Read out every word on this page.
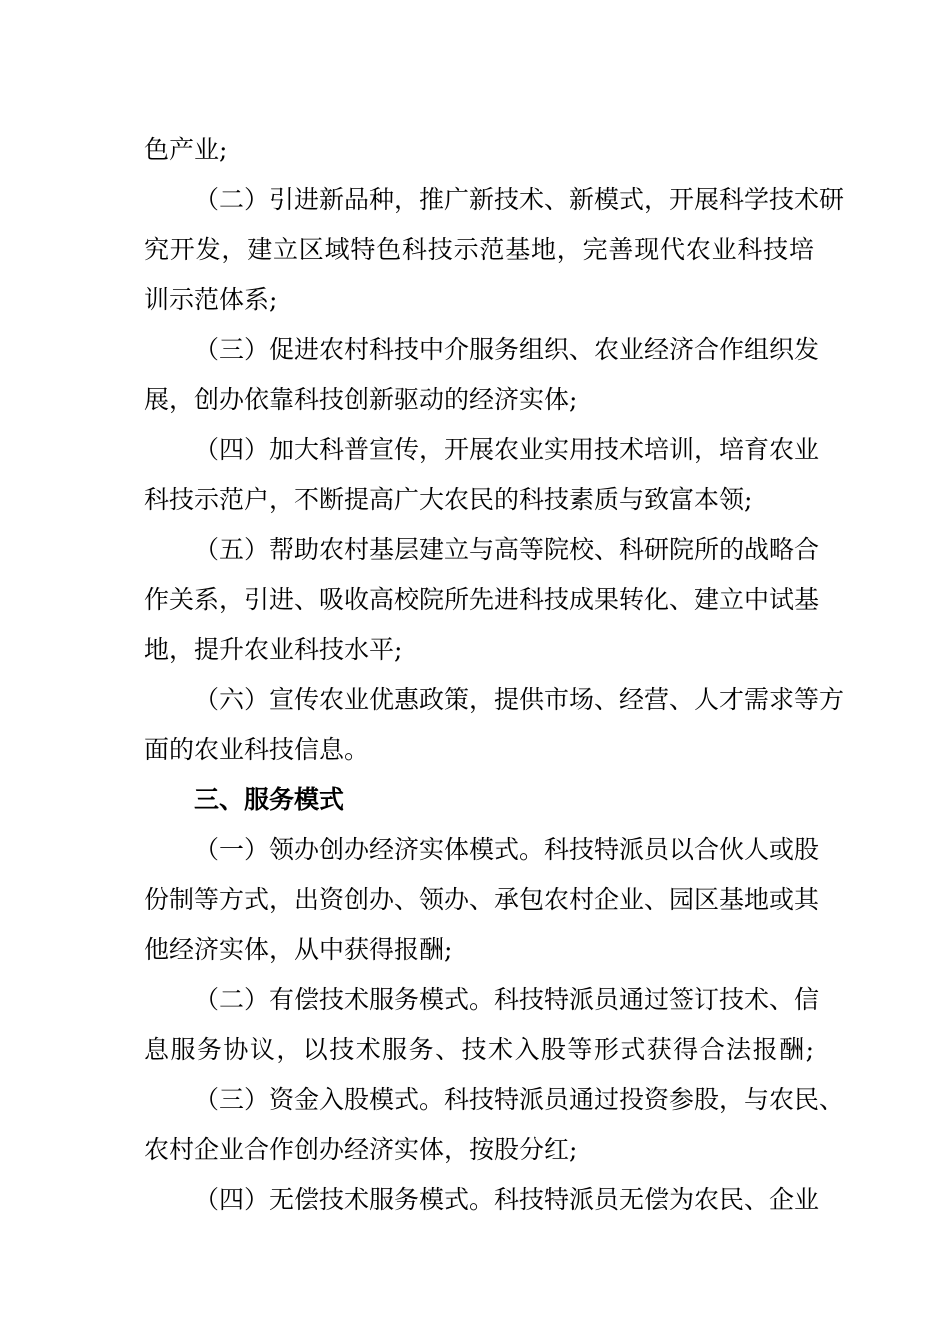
色产业;
（二）引进新品种，推广新技术、新模式，开展科学技术研
究开发，建立区域特色科技示范基地，完善现代农业科技培
训示范体系;
（三）促进农村科技中介服务组织、农业经济合作组织发
展，创办依靠科技创新驱动的经济实体;
（四）加大科普宣传，开展农业实用技术培训，培育农业
科技示范户，不断提高广大农民的科技素质与致富本领;
（五）帮助农村基层建立与高等院校、科研院所的战略合
作关系，引进、吸收高校院所先进科技成果转化、建立中试基
地，提升农业科技水平;
（六）宣传农业优惠政策，提供市场、经营、人才需求等方
面的农业科技信息。
三、服务模式
（一）领办创办经济实体模式。科技特派员以合伙人或股
份制等方式，出资创办、领办、承包农村企业、园区基地或其
他经济实体，从中获得报酬;
（二）有偿技术服务模式。科技特派员通过签订技术、信
息服务协议，以技术服务、技术入股等形式获得合法报酬;
（三）资金入股模式。科技特派员通过投资参股，与农民、
农村企业合作创办经济实体，按股分红;
（四）无偿技术服务模式。科技特派员无偿为农民、企业
